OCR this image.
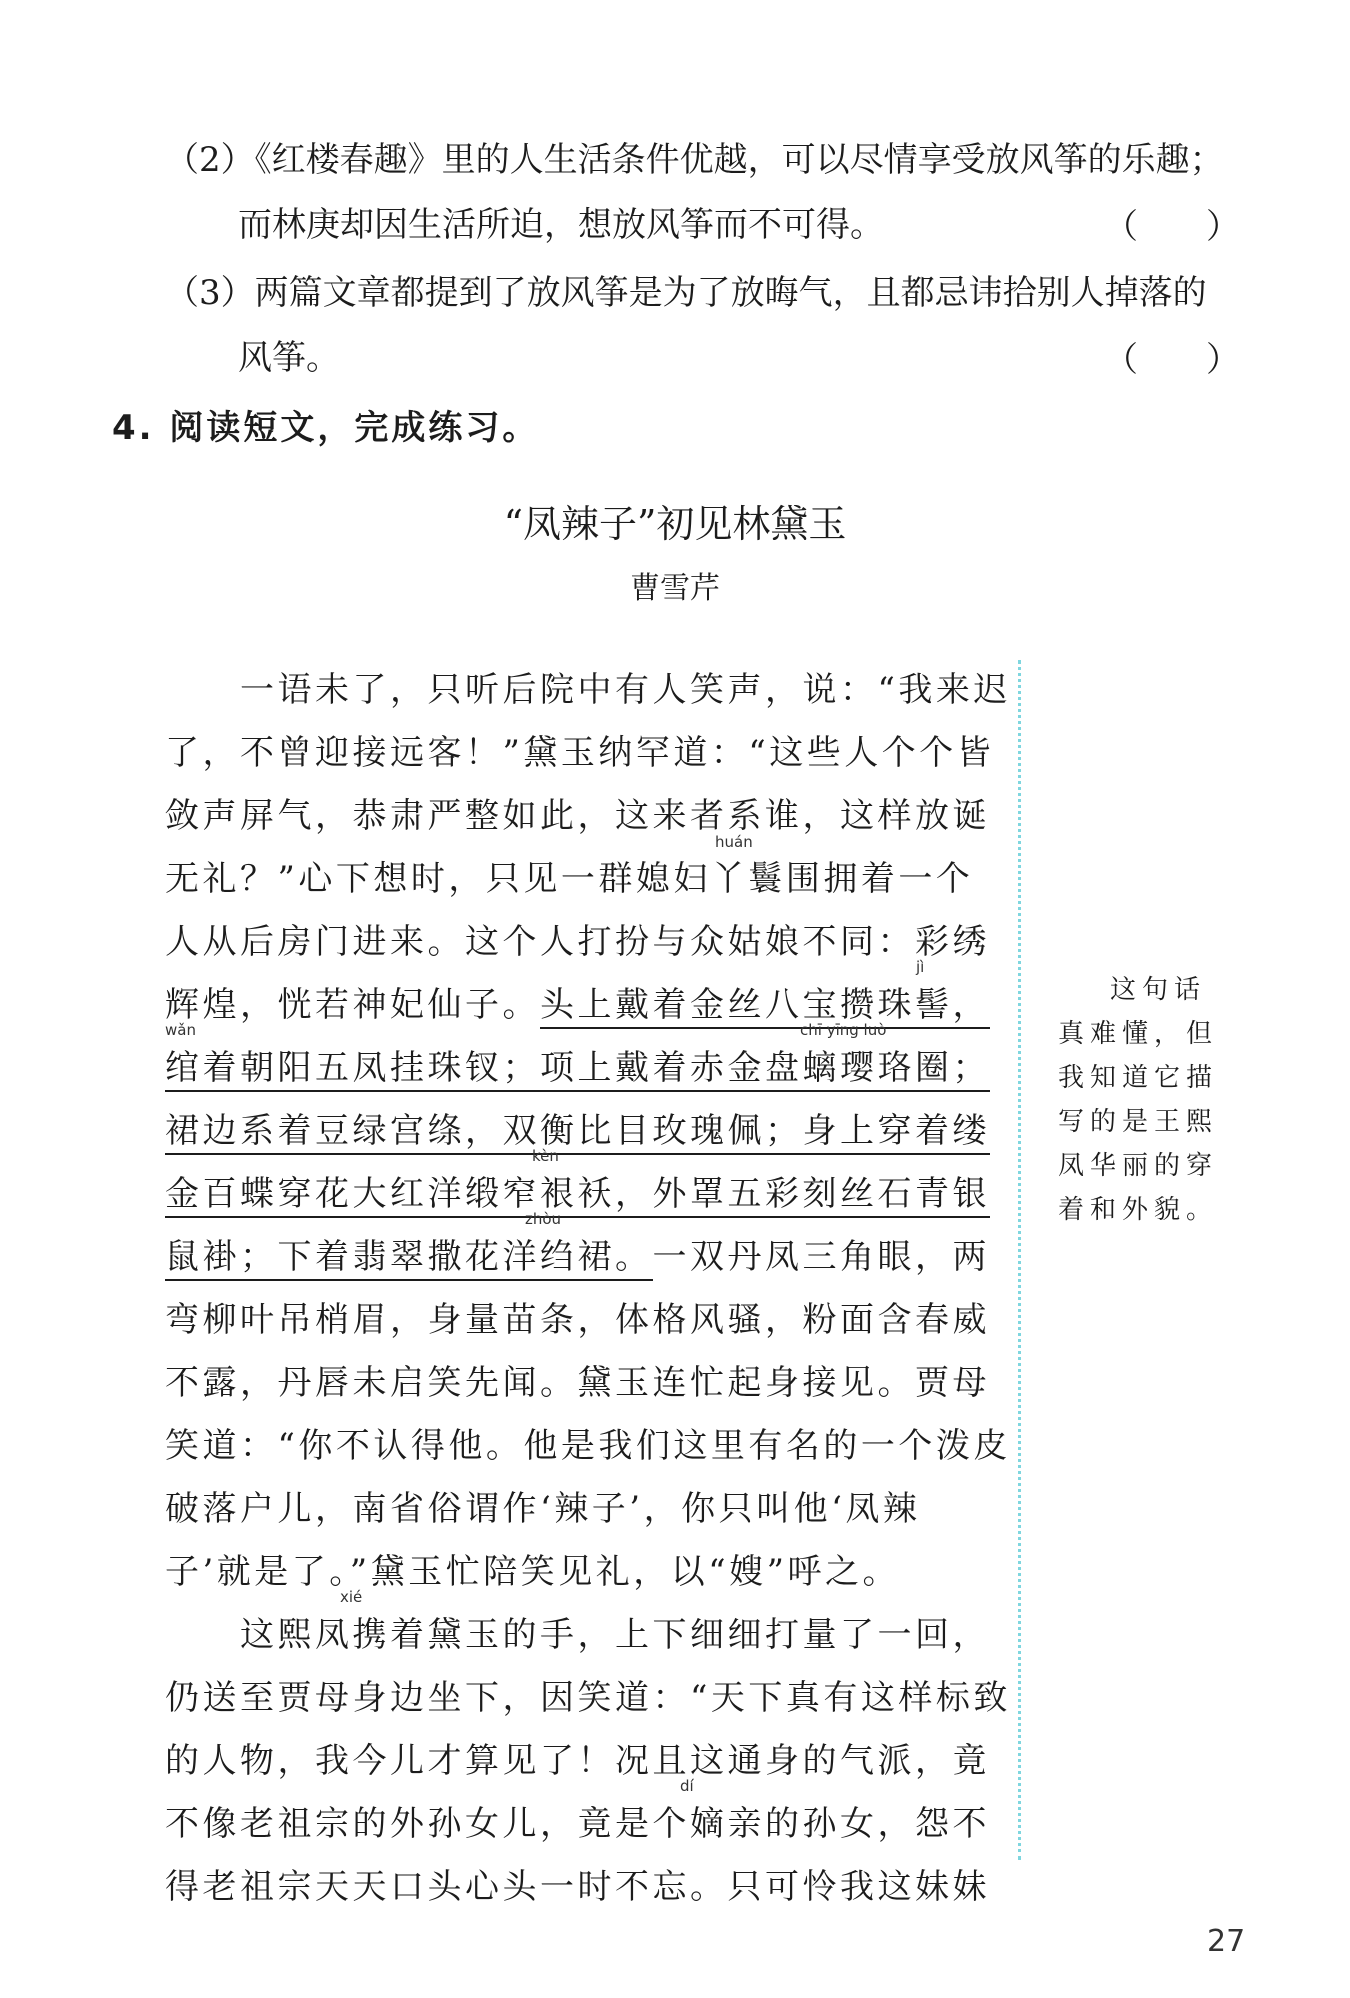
（2）《红楼春趣》里的人生活条件优越，可以尽情享受放风筝的乐趣；
而林庚却因生活所迫，想放风筝而不可得。	（　　）
（3）两篇文章都提到了放风筝是为了放晦气，且都忌讳拾别人掉落的
风筝。	（　　）
4. 阅读短文，完成练习。
“凤辣子”初见林黛玉
曹雪芹
　　一语未了，只听后院中有人笑声，说：“我来迟
了，不曾迎接远客！”黛玉纳罕道：“这些人个个皆
敛声屏气，恭肃严整如此，这来者系谁，这样放诞
huán
无礼？”心下想时，只见一群媳妇丫鬟围拥着一个
人从后房门进来。这个人打扮与众姑娘不同：彩绣
jì
辉煌，恍若神妃仙子。头上戴着金丝八宝攒珠髻，
wǎn	chī yīng luò
绾着朝阳五凤挂珠钗；项上戴着赤金盘螭璎珞圈；
裙边系着豆绿宫绦，双衡比目玫瑰佩；身上穿着缕
kèn
金百蝶穿花大红洋缎窄裉袄，外罩五彩刻丝石青银
zhòu
鼠褂；下着翡翠撒花洋绉裙。一双丹凤三角眼，两
弯柳叶吊梢眉，身量苗条，体格风骚，粉面含春威
不露，丹唇未启笑先闻。黛玉连忙起身接见。贾母
笑道：“你不认得他。他是我们这里有名的一个泼皮
破落户儿，南省俗谓作‘辣子’，你只叫他‘凤辣
子’就是了。”黛玉忙陪笑见礼，以“嫂”呼之。
xié
　　这熙凤携着黛玉的手，上下细细打量了一回，
仍送至贾母身边坐下，因笑道：“天下真有这样标致
的人物，我今儿才算见了！况且这通身的气派，竟
dí
不像老祖宗的外孙女儿，竟是个嫡亲的孙女，怨不
得老祖宗天天口头心头一时不忘。只可怜我这妹妹
这句话
真难懂，但
我知道它描
写的是王熙
凤华丽的穿
着和外貌。
27
